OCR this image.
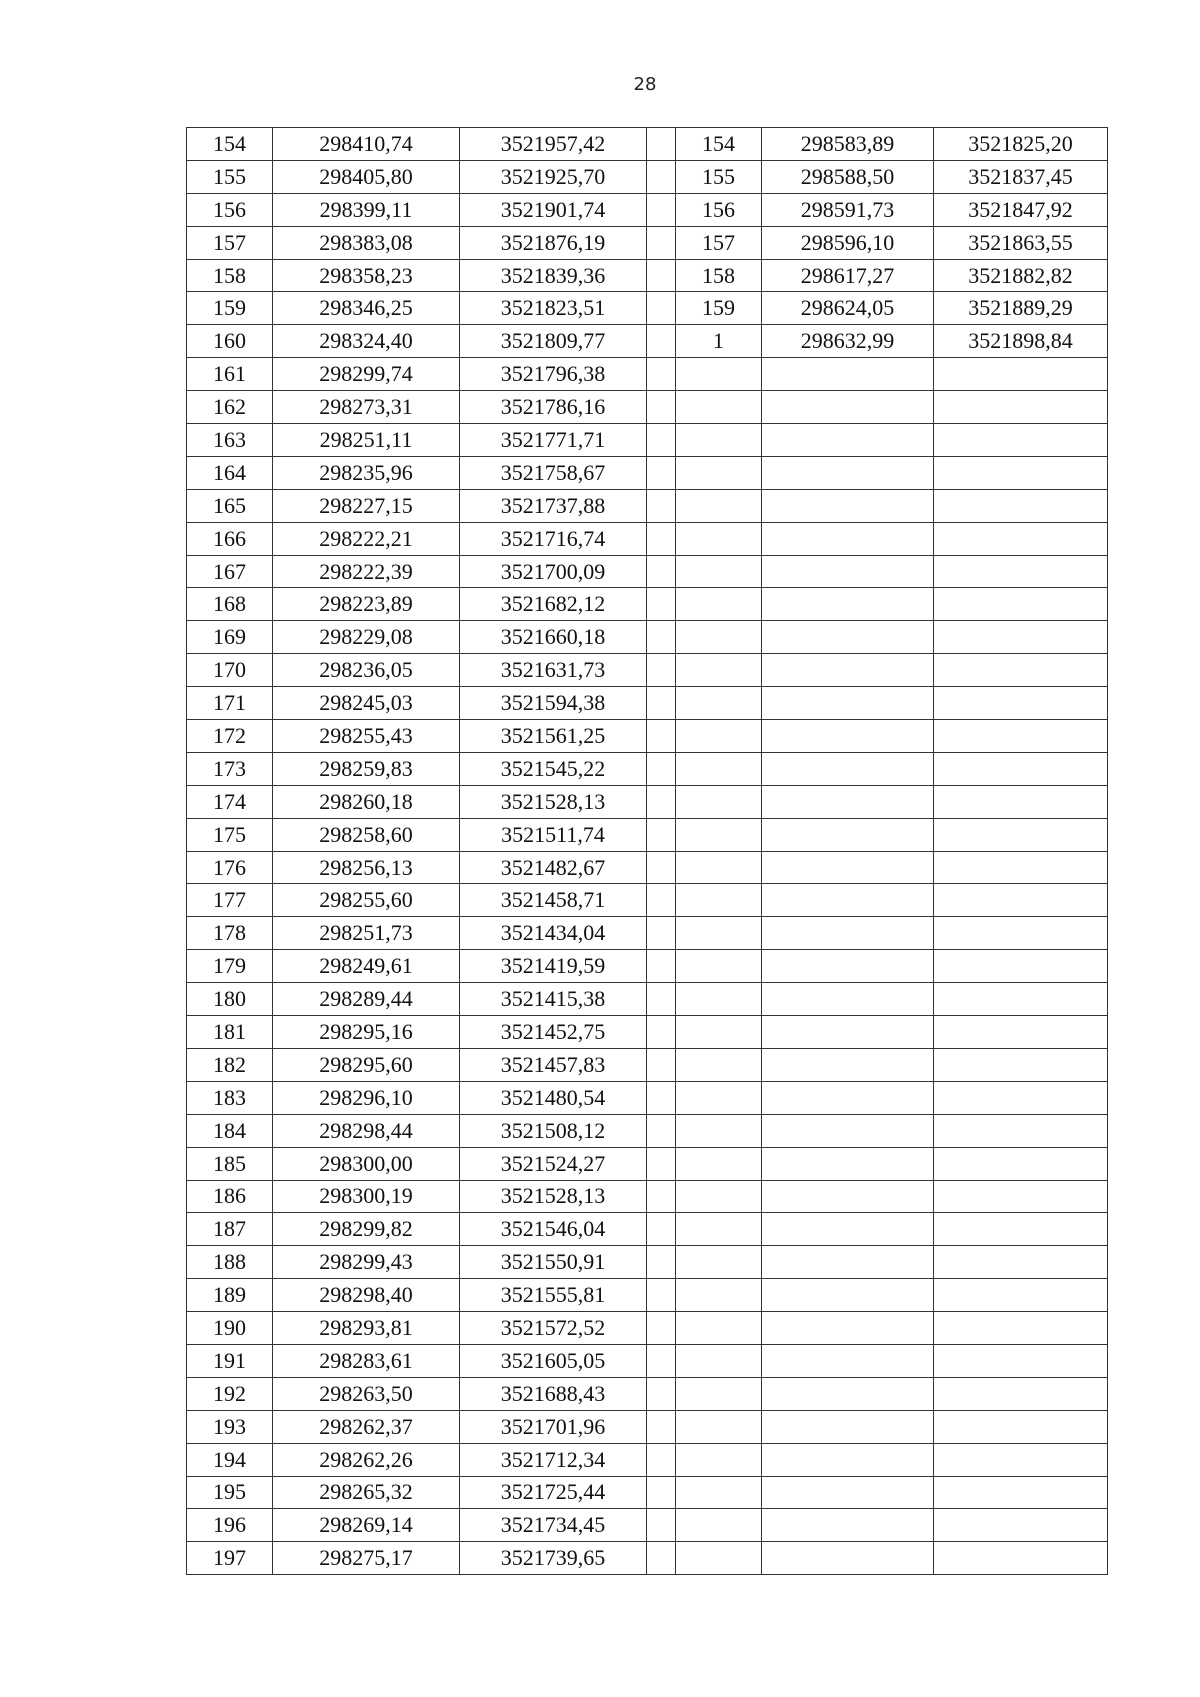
28
154	298410,74	3521957,42		154	298583,89	3521825,20
155	298405,80	3521925,70		155	298588,50	3521837,45
156	298399,11	3521901,74		156	298591,73	3521847,92
157	298383,08	3521876,19		157	298596,10	3521863,55
158	298358,23	3521839,36		158	298617,27	3521882,82
159	298346,25	3521823,51		159	298624,05	3521889,29
160	298324,40	3521809,77		1	298632,99	3521898,84
161	298299,74	3521796,38				
162	298273,31	3521786,16				
163	298251,11	3521771,71				
164	298235,96	3521758,67				
165	298227,15	3521737,88				
166	298222,21	3521716,74				
167	298222,39	3521700,09				
168	298223,89	3521682,12				
169	298229,08	3521660,18				
170	298236,05	3521631,73				
171	298245,03	3521594,38				
172	298255,43	3521561,25				
173	298259,83	3521545,22				
174	298260,18	3521528,13				
175	298258,60	3521511,74				
176	298256,13	3521482,67				
177	298255,60	3521458,71				
178	298251,73	3521434,04				
179	298249,61	3521419,59				
180	298289,44	3521415,38				
181	298295,16	3521452,75				
182	298295,60	3521457,83				
183	298296,10	3521480,54				
184	298298,44	3521508,12				
185	298300,00	3521524,27				
186	298300,19	3521528,13				
187	298299,82	3521546,04				
188	298299,43	3521550,91				
189	298298,40	3521555,81				
190	298293,81	3521572,52				
191	298283,61	3521605,05				
192	298263,50	3521688,43				
193	298262,37	3521701,96				
194	298262,26	3521712,34				
195	298265,32	3521725,44				
196	298269,14	3521734,45				
197	298275,17	3521739,65				
